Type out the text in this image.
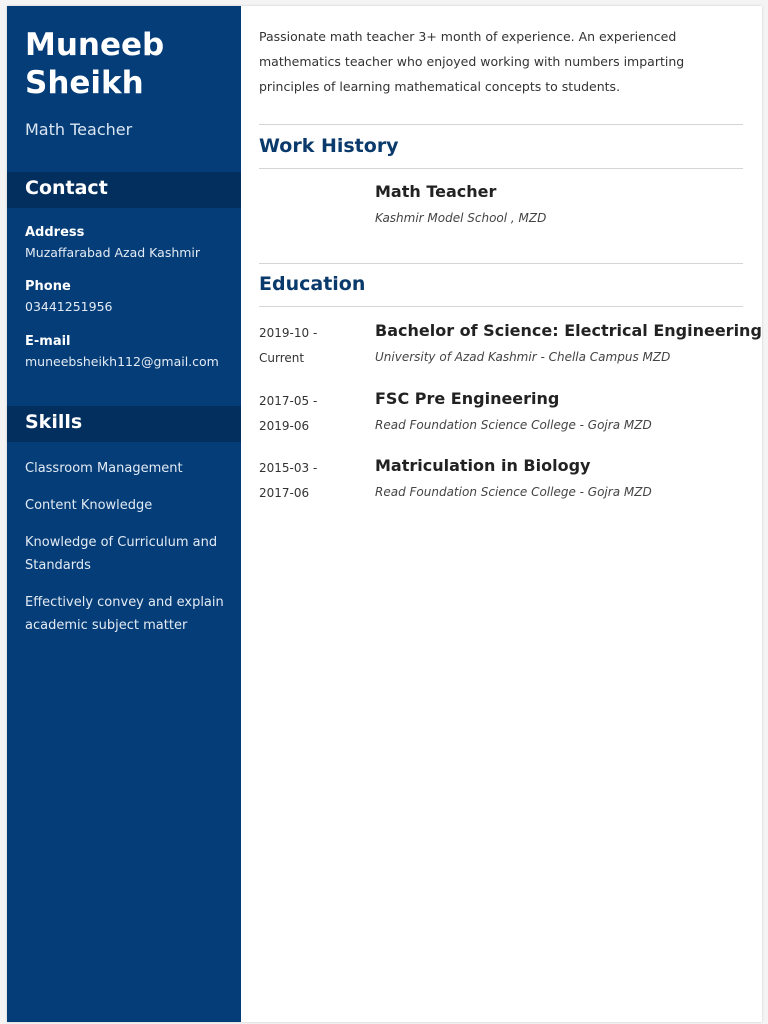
Muneeb Sheikh
Math Teacher
Contact
Address
Muzaffarabad Azad Kashmir
Phone
03441251956
E-mail
muneebsheikh112@gmail.com
Skills
Classroom Management
Content Knowledge
Knowledge of Curriculum and Standards
Effectively convey and explain academic subject matter

Passionate math teacher 3+ month of experience. An experienced mathematics teacher who enjoyed working with numbers imparting principles of learning mathematical concepts to students.

Work History
Math Teacher
Kashmir Model School , MZD
Education
2019-10 -
Current
Bachelor of Science: Electrical Engineering
University of Azad Kashmir - Chella Campus MZD
2017-05 -
2019-06
FSC Pre Engineering
Read Foundation Science College - Gojra MZD
2015-03 -
2017-06
Matriculation in Biology
Read Foundation Science College - Gojra MZD
